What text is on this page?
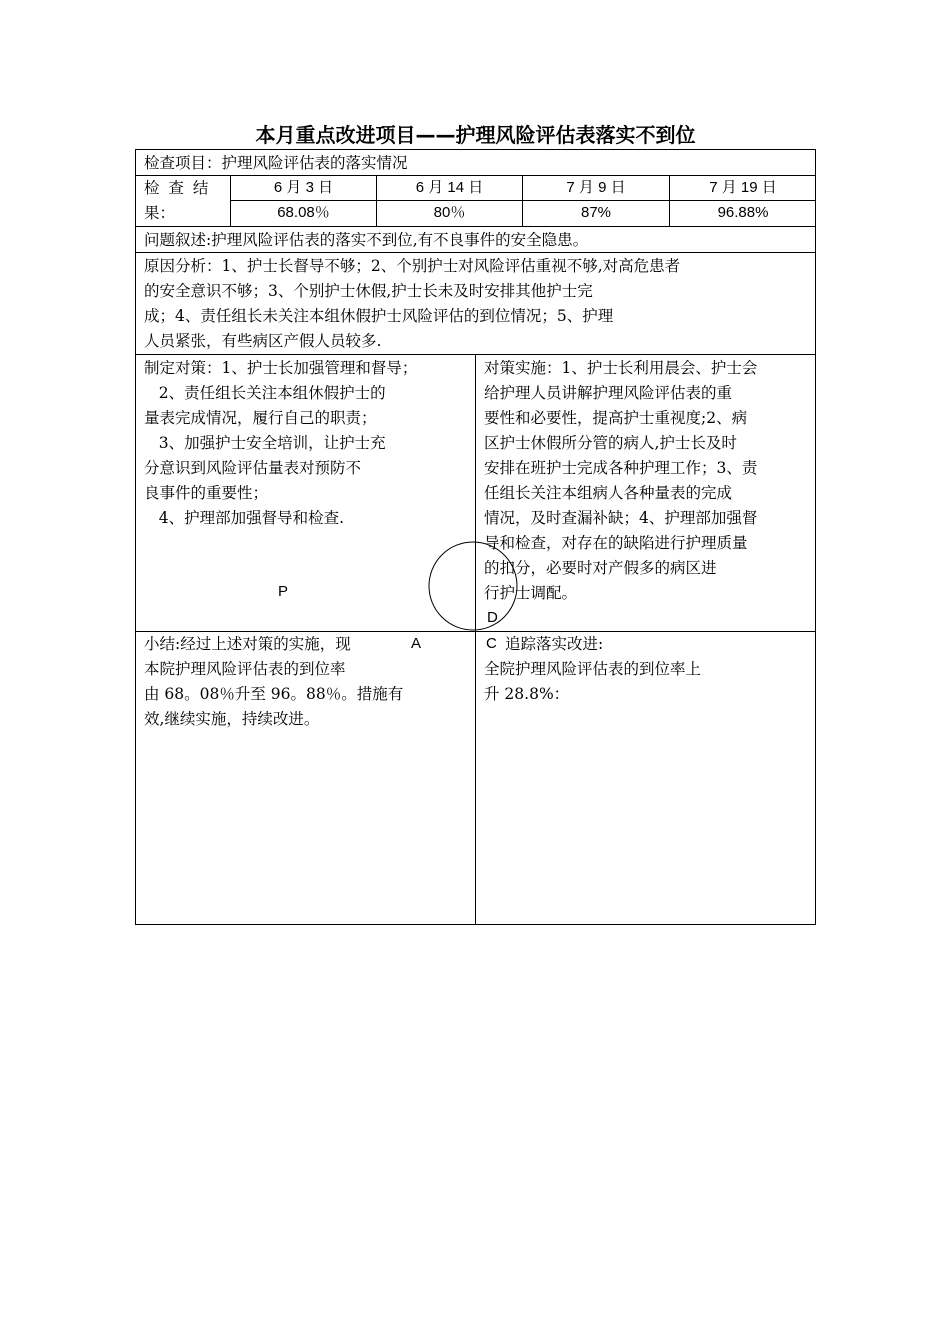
本月重点改进项目——护理风险评估表落实不到位
检查项目：护理风险评估表的落实情况
检 查 结
果：
6 月 3 日	6 月 14 日	7 月 9 日	7 月 19 日
68.08％	80％	87%	96.88%
问题叙述:护理风险评估表的落实不到位,有不良事件的安全隐患。
原因分析：1、护士长督导不够；2、个别护士对风险评估重视不够,对高危患者
的安全意识不够；3、个别护士休假,护士长未及时安排其他护士完
成；4、责任组长未关注本组休假护士风险评估的到位情况；5、护理
人员紧张，有些病区产假人员较多.
制定对策：1、护士长加强管理和督导；
2、责任组长关注本组休假护士的
量表完成情况，履行自己的职责；
3、加强护士安全培训，让护士充
分意识到风险评估量表对预防不
良事件的重要性；
4、护理部加强督导和检查.
P
对策实施：1、护士长利用晨会、护士会
给护理人员讲解护理风险评估表的重
要性和必要性，提高护士重视度;2、病
区护士休假所分管的病人,护士长及时
安排在班护士完成各种护理工作；3、责
任组长关注本组病人各种量表的完成
情况，及时查漏补缺；4、护理部加强督
导和检查，对存在的缺陷进行护理质量
的扣分，必要时对产假多的病区进
行护士调配。
D
小结:经过上述对策的实施，现	A
本院护理风险评估表的到位率
由 68。08％升至 96。88％。措施有
效,继续实施，持续改进。
C 追踪落实改进:
全院护理风险评估表的到位率上
升 28.8%：
